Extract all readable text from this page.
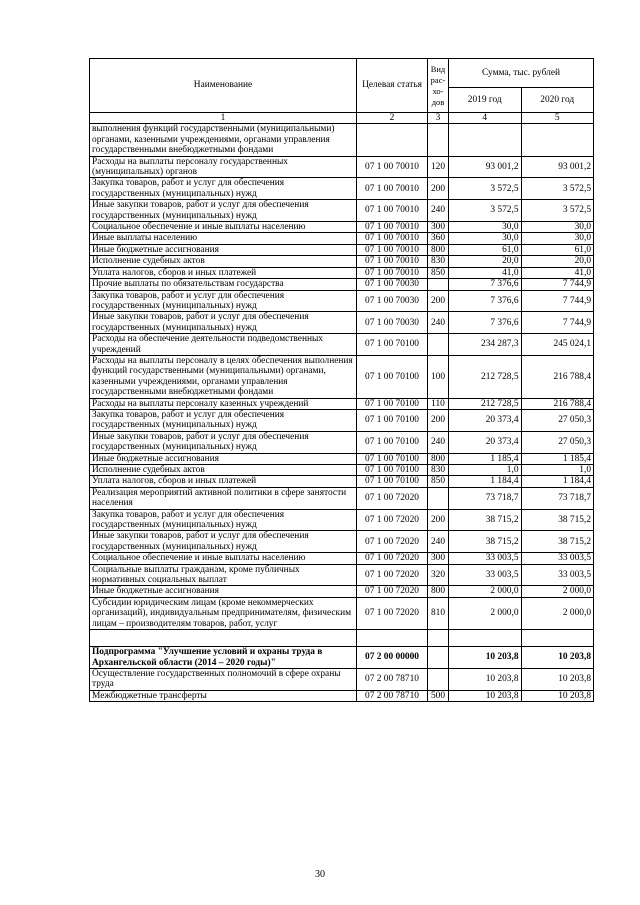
Наименование	Целевая статья	Вид рас-хо-дов	Сумма, тыс. рублей	
			2019 год	2020 год
1	2	3	4	5
выполнения функций государственными (муниципальными) органами, казенными учреждениями, органами управления государственными внебюджетными фондами				
Расходы на выплаты персоналу государственных (муниципальных) органов	07 1 00 70010	120	93 001,2	93 001,2
Закупка товаров, работ и услуг для обеспечения государственных (муниципальных) нужд	07 1 00 70010	200	3 572,5	3 572,5
Иные закупки товаров, работ и услуг для обеспечения государственных (муниципальных) нужд	07 1 00 70010	240	3 572,5	3 572,5
Социальное обеспечение и иные выплаты населению	07 1 00 70010	300	30,0	30,0
Иные выплаты населению	07 1 00 70010	360	30,0	30,0
Иные бюджетные ассигнования	07 1 00 70010	800	61,0	61,0
Исполнение судебных актов	07 1 00 70010	830	20,0	20,0
Уплата налогов, сборов и иных платежей	07 1 00 70010	850	41,0	41,0
Прочие выплаты по обязательствам государства	07 1 00 70030		7 376,6	7 744,9
Закупка товаров, работ и услуг для обеспечения государственных (муниципальных) нужд	07 1 00 70030	200	7 376,6	7 744,9
Иные закупки товаров, работ и услуг для обеспечения государственных (муниципальных) нужд	07 1 00 70030	240	7 376,6	7 744,9
Расходы на обеспечение деятельности подведомственных учреждений	07 1 00 70100		234 287,3	245 024,1
Расходы на выплаты персоналу в целях обеспечения выполнения функций государственными (муниципальными) органами, казенными учреждениями, органами управления государственными внебюджетными фондами	07 1 00 70100	100	212 728,5	216 788,4
Расходы на выплаты персоналу казенных учреждений	07 1 00 70100	110	212 728,5	216 788,4
Закупка товаров, работ и услуг для обеспечения государственных (муниципальных) нужд	07 1 00 70100	200	20 373,4	27 050,3
Иные закупки товаров, работ и услуг для обеспечения государственных (муниципальных) нужд	07 1 00 70100	240	20 373,4	27 050,3
Иные бюджетные ассигнования	07 1 00 70100	800	1 185,4	1 185,4
Исполнение судебных актов	07 1 00 70100	830	1,0	1,0
Уплата налогов, сборов и иных платежей	07 1 00 70100	850	1 184,4	1 184,4
Реализация мероприятий активной политики в сфере занятости населения	07 1 00 72020		73 718,7	73 718,7
Закупка товаров, работ и услуг для обеспечения государственных (муниципальных) нужд	07 1 00 72020	200	38 715,2	38 715,2
Иные закупки товаров, работ и услуг для обеспечения государственных (муниципальных) нужд	07 1 00 72020	240	38 715,2	38 715,2
Социальное обеспечение и иные выплаты населению	07 1 00 72020	300	33 003,5	33 003,5
Социальные выплаты гражданам, кроме публичных нормативных социальных выплат	07 1 00 72020	320	33 003,5	33 003,5
Иные бюджетные ассигнования	07 1 00 72020	800	2 000,0	2 000,0
Субсидии юридическим лицам (кроме некоммерческих организаций), индивидуальным предпринимателям, физическим лицам – производителям товаров, работ, услуг	07 1 00 72020	810	2 000,0	2 000,0

Подпрограмма "Улучшение условий и охраны труда в Архангельской области (2014 – 2020 годы)"	07 2 00 00000		10 203,8	10 203,8
Осуществление государственных полномочий в сфере охраны труда	07 2 00 78710		10 203,8	10 203,8
Межбюджетные трансферты	07 2 00 78710	500	10 203,8	10 203,8
30
